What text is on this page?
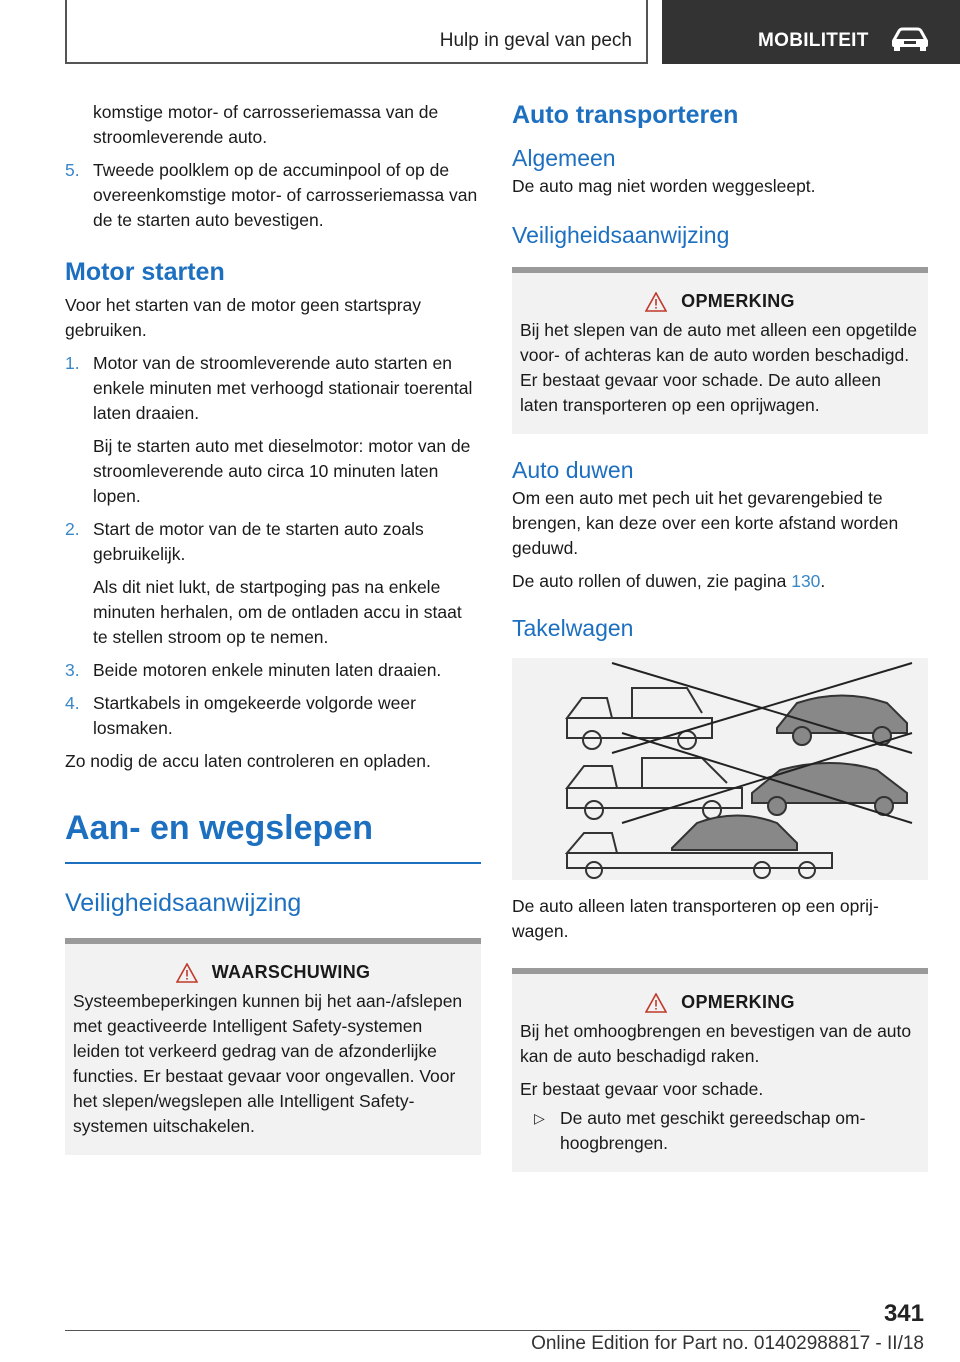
Hulp in geval van pech	MOBILITEIT

komstige motor- of carrosseriemassa van de stroomleverende auto.

5. Tweede poolklem op de accuminpool of op de overeenkomstige motor- of carrosseriemassa van de te starten auto bevestigen.
Motor starten

Voor het starten van de motor geen startspray gebruiken.

1. Motor van de stroomleverende auto starten en enkele minuten met verhoogd stationair toerental laten draaien.

Bij te starten auto met dieselmotor: motor van de stroomleverende auto circa 10 minuten laten lopen.

2. Start de motor van de te starten auto zoals gebruikelijk.

Als dit niet lukt, de startpoging pas na enkele minuten herhalen, om de ontladen accu in staat te stellen stroom op te nemen.

3. Beide motoren enkele minuten laten draaien.
4. Startkabels in omgekeerde volgorde weer losmaken.

Zo nodig de accu laten controleren en opladen.

Aan- en wegslepen
Veiligheidsaanwijzing
WAARSCHUWING

Systeembeperkingen kunnen bij het aan-/afslepen met geactiveerde Intelligent Safety-systemen leiden tot verkeerd gedrag van de afzonderlijke functies. Er bestaat gevaar voor ongevallen. Voor het slepen/wegslepen alle Intelligent Safety-systemen uitschakelen.

Auto transporteren
Algemeen

De auto mag niet worden weggesleept.

Veiligheidsaanwijzing
OPMERKING

Bij het slepen van de auto met alleen een opgetilde voor- of achteras kan de auto worden beschadigd. Er bestaat gevaar voor schade. De auto alleen laten transporteren op een oprijwagen.

Auto duwen

Om een auto met pech uit het gevarengebied te brengen, kan deze over een korte afstand worden geduwd.

De auto rollen of duwen, zie pagina 130.

Takelwagen

De auto alleen laten transporteren op een oprijwagen.

OPMERKING

Bij het omhoogbrengen en bevestigen van de auto kan de auto beschadigd raken.

Er bestaat gevaar voor schade.

▷ De auto met geschikt gereedschap omhoogbrengen.
341
Online Edition for Part no. 01402988817 - II/18
